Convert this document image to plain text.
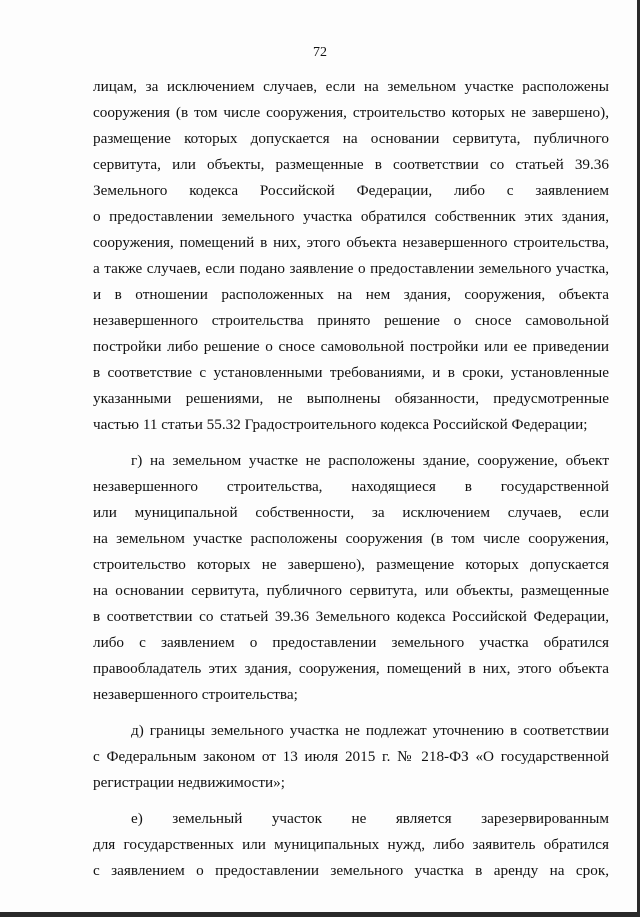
72
лицам, за исключением случаев, если на земельном участке расположены
сооружения (в том числе сооружения, строительство которых не завершено),
размещение которых допускается на основании сервитута, публичного
сервитута, или объекты, размещенные в соответствии со статьей 39.36
Земельного кодекса Российской Федерации, либо с заявлением
о предоставлении земельного участка обратился собственник этих здания,
сооружения, помещений в них, этого объекта незавершенного строительства,
а также случаев, если подано заявление о предоставлении земельного участка,
и в отношении расположенных на нем здания, сооружения, объекта
незавершенного строительства принято решение о сносе самовольной
постройки либо решение о сносе самовольной постройки или ее приведении
в соответствие с установленными требованиями, и в сроки, установленные
указанными решениями, не выполнены обязанности, предусмотренные
частью 11 статьи 55.32 Градостроительного кодекса Российской Федерации;
г) на земельном участке не расположены здание, сооружение, объект
незавершенного строительства, находящиеся в государственной
или муниципальной собственности, за исключением случаев, если
на земельном участке расположены сооружения (в том числе сооружения,
строительство которых не завершено), размещение которых допускается
на основании сервитута, публичного сервитута, или объекты, размещенные
в соответствии со статьей 39.36 Земельного кодекса Российской Федерации,
либо с заявлением о предоставлении земельного участка обратился
правообладатель этих здания, сооружения, помещений в них, этого объекта
незавершенного строительства;
д) границы земельного участка не подлежат уточнению в соответствии
с Федеральным законом от 13 июля 2015 г. № 218-ФЗ «О государственной
регистрации недвижимости»;
е) земельный участок не является зарезервированным
для государственных или муниципальных нужд, либо заявитель обратился
с заявлением о предоставлении земельного участка в аренду на срок,
